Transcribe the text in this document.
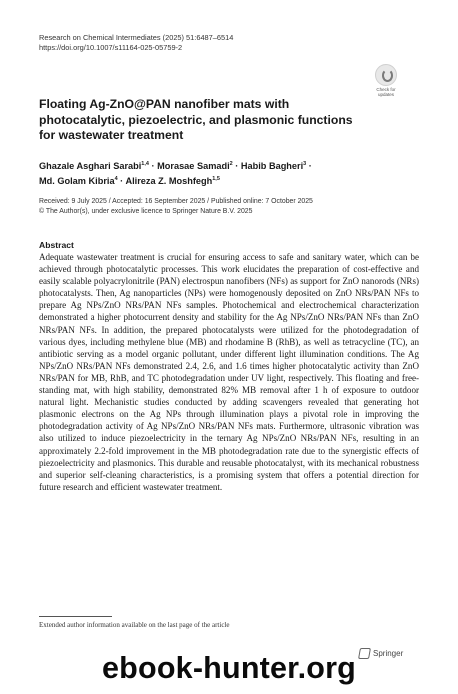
Research on Chemical Intermediates (2025) 51:6487–6514
https://doi.org/10.1007/s11164-025-05759-2
Check for
updates
Floating Ag-ZnO@PAN nanofiber mats with photocatalytic, piezoelectric, and plasmonic functions for wastewater treatment
Ghazale Asghari Sarabi$^{1,4}$ · Morasae Samadi$^2$ · Habib Bagheri$^3$ ·
Md. Golam Kibria$^4$ · Alireza Z. Moshfegh$^{1,5}$
Received: 9 July 2025 / Accepted: 16 September 2025 / Published online: 7 October 2025
© The Author(s), under exclusive licence to Springer Nature B.V. 2025
Abstract
Adequate wastewater treatment is crucial for ensuring access to safe and sanitary water, which can be achieved through photocatalytic processes. This work elucidates the preparation of cost-effective and easily scalable polyacrylonitrile (PAN) electrospun nanofibers (NFs) as support for ZnO nanorods (NRs) photocatalysts. Then, Ag nanoparticles (NPs) were homogenously deposited on ZnO NRs/PAN NFs to prepare Ag NPs/ZnO NRs/PAN NFs samples. Photochemical and electrochemical characterization demonstrated a higher photocurrent density and stability for the Ag NPs/ZnO NRs/PAN NFs than ZnO NRs/PAN NFs. In addition, the prepared photocatalysts were utilized for the photodegradation of various dyes, including methylene blue (MB) and rhodamine B (RhB), as well as tetracycline (TC), an antibiotic serving as a model organic pollutant, under different light illumination conditions. The Ag NPs/ZnO NRs/PAN NFs demonstrated 2.4, 2.6, and 1.6 times higher photocatalytic activity than ZnO NRs/PAN for MB, RhB, and TC photodegradation under UV light, respectively. This floating and free-standing mat, with high stability, demonstrated 82% MB removal after 1 h of exposure to outdoor natural light. Mechanistic studies conducted by adding scavengers revealed that generating hot plasmonic electrons on the Ag NPs through illumination plays a pivotal role in improving the photodegradation activity of Ag NPs/ZnO NRs/PAN NFs mats. Furthermore, ultrasonic vibration was also utilized to induce piezoelectricity in the ternary Ag NPs/ZnO NRs/PAN NFs, resulting in an approximately 2.2-fold improvement in the MB photodegradation rate due to the synergistic effects of piezoelectricity and plasmonics. This durable and reusable photocatalyst, with its mechanical robustness and superior self-cleaning characteristics, is a promising system that offers a potential direction for future research and efficient wastewater treatment.
Extended author information available on the last page of the article
Springer
ebook-hunter.org
